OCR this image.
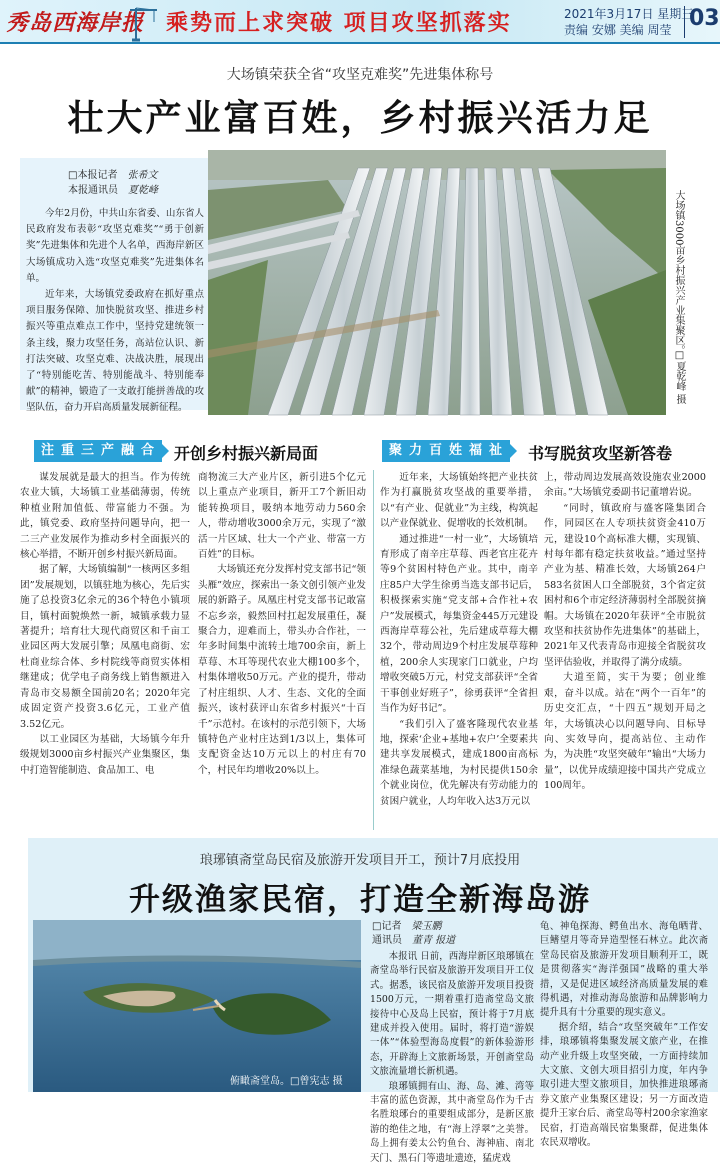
秀岛西海岸报 乘势而上求突破 项目攻坚抓落实	2021年3月17日 星期三
责编 安娜 美编 周莹 03
大场镇荣获全省“攻坚克难奖”先进集体称号
壮大产业富百姓，乡村振兴活力足
□本报记者 张希文
本报通讯员 夏乾峰

今年2月份，中共山东省委、山东省人民政府发布表彰“攻坚克难奖”“勇于创新奖”先进集体和先进个人名单，西海岸新区大场镇成功入选“攻坚克难奖”先进集体名单。

近年来，大场镇党委政府在抓好重点项目服务保障、加快脱贫攻坚、推进乡村振兴等重点难点工作中，坚持党建统领一条主线，聚力攻坚任务，高站位认识、新打法突破、攻坚克难、决战决胜，展现出了“特别能吃苦、特别能战斗、特别能奉献”的精神，锻造了一支敢打能拼善战的攻坚队伍，奋力开启高质量发展新征程。

大场镇3000亩乡村振兴产业集聚区。
□夏乾峰 摄
注重三产融合 开创乡村振兴新局面	聚力百姓福祉 书写脱贫攻坚新答卷

谋发展就是最大的担当。作为传统农业大镇，大场镇工业基础薄弱，传统种植业附加值低、带富能力不强。为此，镇党委、政府坚持问题导向，把一二三产业发展作为推动乡村全面振兴的核心举措，不断开创乡村振兴新局面。

据了解，大场镇编制“一核两区多组团”发展规划，以镇驻地为核心，先后实施了总投资3亿余元的36个特色小镇项目，镇村面貌焕然一新，城镇承载力显著提升；培育壮大现代商贸区和千亩工业园区两大发展引擎；凤凰电商街、宏杜商业综合体、乡村院线等商贸实体相继建成；优学电子商务线上销售额进入青岛市交易额全国前20名；2020年完成固定资产投资3.6亿元，工业产值3.52亿元。

以工业园区为基础，大场镇今年升级规划3000亩乡村振兴产业集聚区，集中打造智能制造、食品加工、电

商物流三大产业片区，新引进5个亿元以上重点产业项目，新开工7个新旧动能转换项目，吸纳本地劳动力560余人，带动增收3000余万元，实现了“激活一片区域、壮大一个产业、带富一方百姓”的目标。

大场镇还充分发挥村党支部书记“领头雁”效应，探索出一条文创引领产业发展的新路子。凤凰庄村党支部书记敢富不忘乡亲，毅然回村扛起发展重任，凝聚合力，迎难而上，带头办合作社，一年多时间集中流转土地700余亩，新上草莓、木耳等现代农业大棚100多个，村集体增收50万元。产业的提升，带动了村庄组织、人才、生态、文化的全面振兴，该村获评山东省乡村振兴“十百千”示范村。在该村的示范引领下，大场镇特色产业村庄达到1/3以上，集体可支配资金达10万元以上的村庄有70个，村民年均增收20%以上。

近年来，大场镇始终把产业扶贫作为打赢脱贫攻坚战的重要举措，以“有产业、促就业”为主线，构筑起以产业保就业、促增收的长效机制。

通过推进“一村一业”，大场镇培育形成了南辛庄草莓、西老官庄花卉等9个贫困村特色产业。其中，南辛庄85户大学生徐勇当选支部书记后，积极探索实施“党支部+合作社+农户”发展模式，每集资金445万元建设西海岸草莓公社，先后建成草莓大棚32个，带动周边9个村庄发展草莓种植，200余人实现家门口就业，户均增收突破5万元，村党支部获评“全省干事创业好班子”，徐勇获评“全省担当作为好书记”。

“我们引入了盛客隆现代农业基地，探索‘企业+基地+农户’全要素共建共享发展模式，建成1800亩高标准绿色蔬菜基地，为村民提供150余个就业岗位，优先解决有劳动能力的贫困户就业，人均年收入达3万元以

上，带动周边发展高效设施农业2000余亩。”大场镇党委副书记董增岩说。

“同时，镇政府与盛客隆集团合作，同园区在人专项扶贫资金410万元，建设10个高标准大棚，实现镇、村每年都有稳定扶贫收益。”通过坚持产业为基、精准长效，大场镇264户583名贫困人口全部脱贫，3个省定贫困村和6个市定经济薄弱村全部脱贫摘帽。大场镇在2020年获评“全市脱贫攻坚和扶贫协作先进集体”的基础上，2021年又代表青岛市迎接全省脱贫攻坚评估验收，并取得了满分成绩。

大道至简，实干为要；创业维艰，奋斗以成。站在“两个一百年”的历史交汇点，“十四五”规划开局之年，大场镇决心以问题导向、目标导向、实效导向，提高站位、主动作为，为决胜“攻坚突破年”输出“大场力量”，以优异成绩迎接中国共产党成立100周年。

琅琊镇斋堂岛民宿及旅游开发项目开工，预计7月底投用
升级渔家民宿，打造全新海岛游
俯瞰斋堂岛。□曾宪志 摄
□记者 梁玉鹏
通讯员 董青 报道

本报讯 日前，西海岸新区琅琊镇在斋堂岛举行民宿及旅游开发项目开工仪式。据悉，该民宿及旅游开发项目投资1500万元，一期着重打造斋堂岛文旅接待中心及岛上民宿，预计将于7月底建成并投入使用。届时，将打造“游娱一体”“体验型海岛度假”的新体验游形态，开辟海上文旅新场景，开创斋堂岛文旅流量增长新机遇。

琅琊镇拥有山、海、岛、滩、湾等丰富的蓝色资源，其中斋堂岛作为千古名胜琅琊台的重要组成部分，是新区旅游的绝佳之地，有“海上浮翠”之美誉。岛上拥有姜太公钓鱼台、海神庙、南北天门、黑石门等遗址遗迹，猛虎戏

龟、神龟探海、鳄鱼出水、海龟晒背、巨鳍望月等奇异造型怪石林立。此次斋堂岛民宿及旅游开发项目顺利开工，既是贯彻落实“海洋强国”战略的重大举措，又是促进区域经济高质量发展的难得机遇，对推动海岛旅游和品牌影响力提升具有十分重要的现实意义。

据介绍，结合“攻坚突破年”工作安排，琅琊镇将集聚发展文旅产业，在推动产业升级上攻坚突破，一方面持续加大文旅、文创大项目招引力度，年内争取引进大型文旅项目，加快推进琅琊斋券文旅产业集聚区建设；另一方面改造提升王家台后、斋堂岛等村200余家渔家民宿，打造高端民宿集聚群，促进集体农民双增收。
